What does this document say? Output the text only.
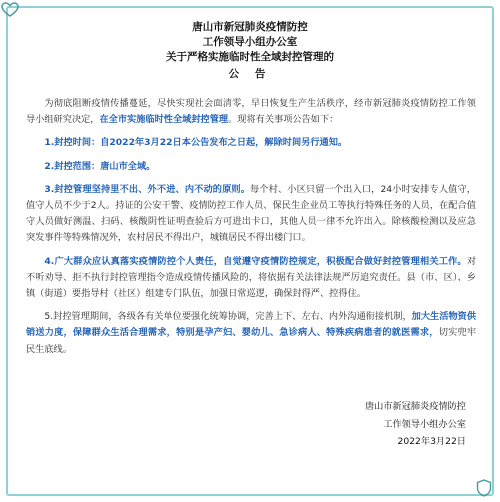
唐山市新冠肺炎疫情防控
工作领导小组办公室
关于严格实施临时性全域封控管理的
公 告

为彻底阻断疫情传播蔓延，尽快实现社会面清零，早日恢复生产生活秩序，经市新冠肺炎疫情防控工作领导小组研究决定，在全市实施临时性全域封控管理。现将有关事项公告如下：

1.封控时间：自2022年3月22日本公告发布之日起，解除时间另行通知。

2.封控范围：唐山市全域。

3.封控管理坚持里不出、外不进、内不动的原则。每个村、小区只留一个出入口，24小时安排专人值守，值守人员不少于2人。持证的公安干警、疫情防控工作人员、保民生企业员工等执行特殊任务的人员，在配合值守人员做好测温、扫码、核酸阴性证明查验后方可进出卡口，其他人员一律不允许出入。除核酸检测以及应急突发事件等特殊情况外，农村居民不得出户，城镇居民不得出楼门口。

4.广大群众应认真落实疫情防控个人责任，自觉遵守疫情防控规定，积极配合做好封控管理相关工作。对不听劝导、拒不执行封控管理指令造成疫情传播风险的，将依据有关法律法规严厉追究责任。县（市、区）、乡镇（街道）要指导村（社区）组建专门队伍，加强日常巡逻，确保封得严、控得住。

5.封控管理期间，各级各有关单位要强化统筹协调，完善上下、左右、内外沟通衔接机制，加大生活物资供销送力度，保障群众生活合理需求，特别是孕产妇、婴幼儿、急诊病人、特殊疾病患者的就医需求，切实兜牢民生底线。

唐山市新冠肺炎疫情防控
工作领导小组办公室
2022年3月22日
